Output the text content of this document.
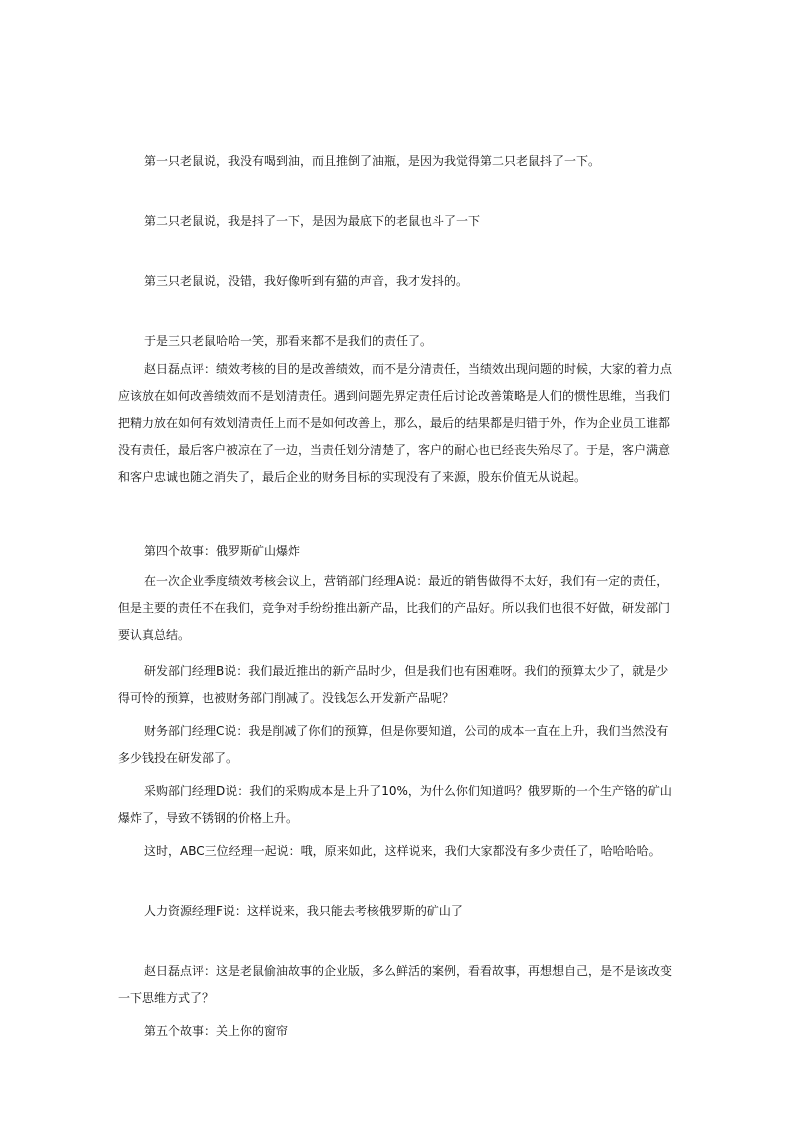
第一只老鼠说，我没有喝到油，而且推倒了油瓶，是因为我觉得第二只老鼠抖了一下。

第二只老鼠说，我是抖了一下，是因为最底下的老鼠也斗了一下

第三只老鼠说，没错，我好像听到有猫的声音，我才发抖的。

于是三只老鼠哈哈一笑，那看来都不是我们的责任了。

赵日磊点评：绩效考核的目的是改善绩效，而不是分清责任，当绩效出现问题的时候，大家的着力点应该放在如何改善绩效而不是划清责任。遇到问题先界定责任后讨论改善策略是人们的惯性思维，当我们把精力放在如何有效划清责任上而不是如何改善上，那么，最后的结果都是归错于外，作为企业员工谁都没有责任，最后客户被凉在了一边，当责任划分清楚了，客户的耐心也已经丧失殆尽了。于是，客户满意和客户忠诚也随之消失了，最后企业的财务目标的实现没有了来源，股东价值无从说起。

第四个故事：俄罗斯矿山爆炸

在一次企业季度绩效考核会议上，营销部门经理A说：最近的销售做得不太好，我们有一定的责任，但是主要的责任不在我们，竞争对手纷纷推出新产品，比我们的产品好。所以我们也很不好做，研发部门要认真总结。

研发部门经理B说：我们最近推出的新产品时少，但是我们也有困难呀。我们的预算太少了，就是少得可怜的预算，也被财务部门削减了。没钱怎么开发新产品呢？

财务部门经理C说：我是削减了你们的预算，但是你要知道，公司的成本一直在上升，我们当然没有多少钱投在研发部了。

采购部门经理D说：我们的采购成本是上升了10%，为什么你们知道吗？俄罗斯的一个生产铬的矿山爆炸了，导致不锈钢的价格上升。

这时，ABC三位经理一起说：哦，原来如此，这样说来，我们大家都没有多少责任了，哈哈哈哈。

人力资源经理F说：这样说来，我只能去考核俄罗斯的矿山了

赵日磊点评：这是老鼠偷油故事的企业版，多么鲜活的案例，看看故事，再想想自己，是不是该改变一下思维方式了？

第五个故事：关上你的窗帘
